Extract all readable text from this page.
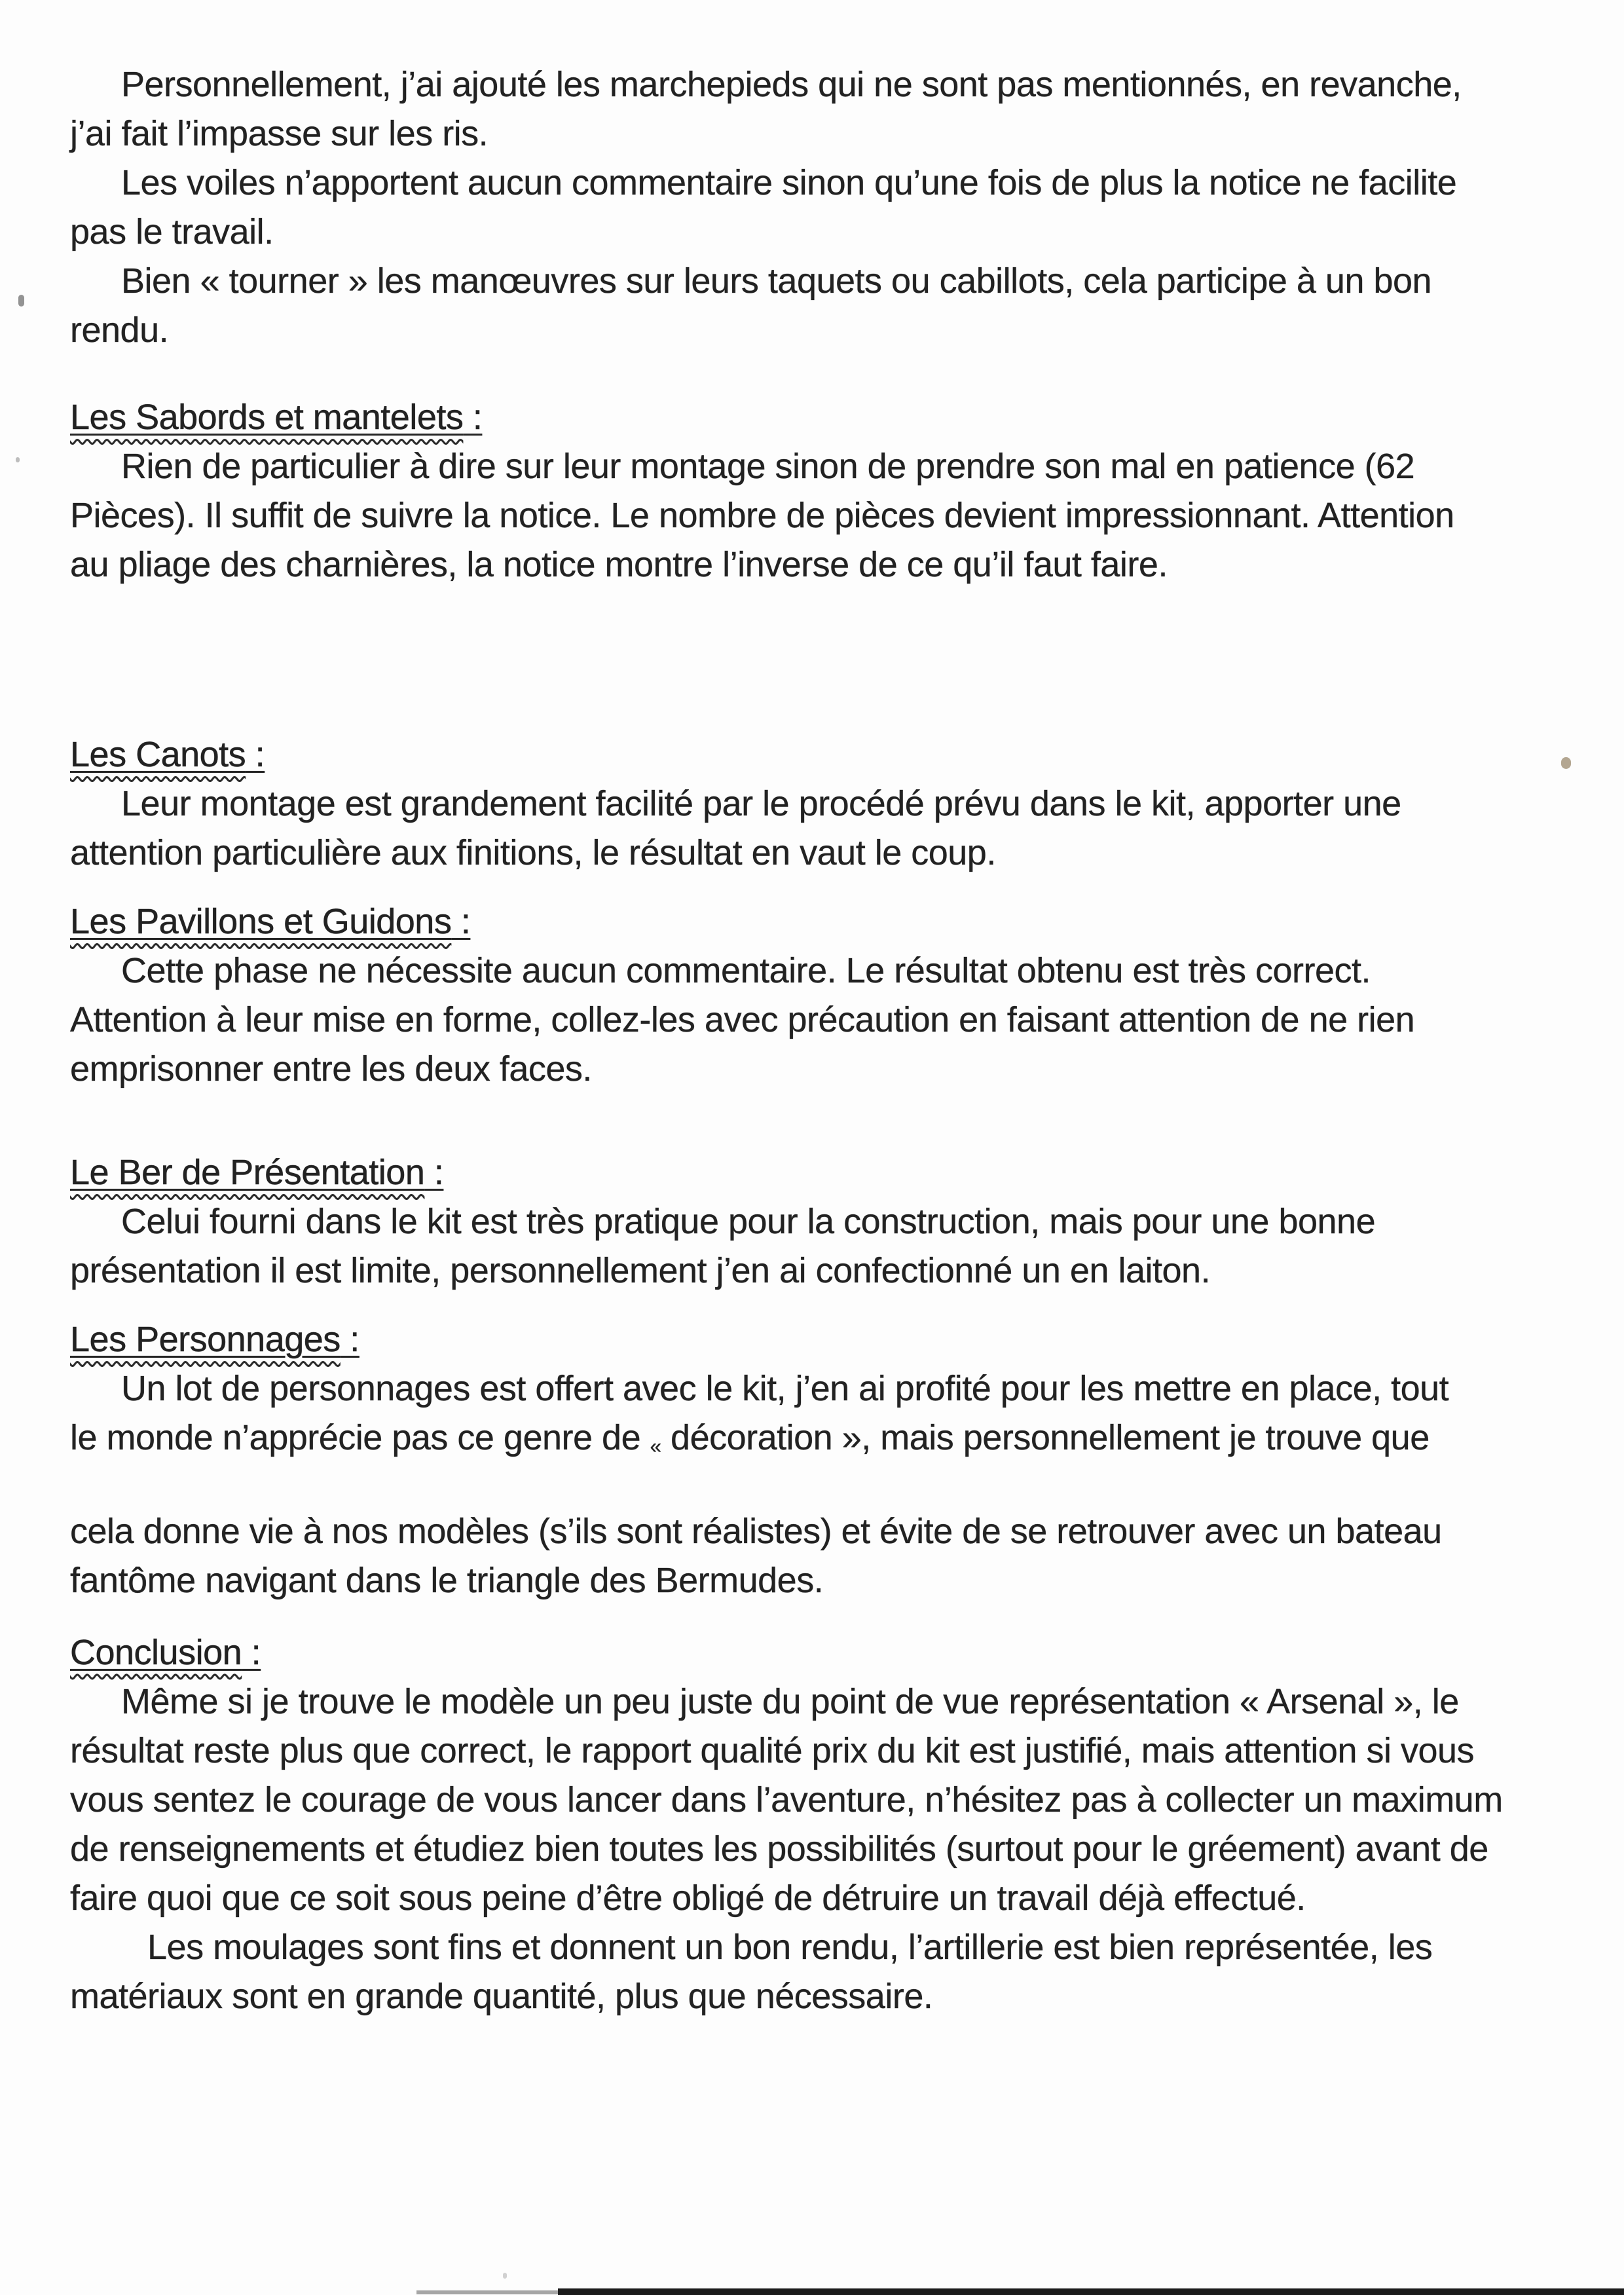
Personnellement, j’ai ajouté les marchepieds qui ne sont pas mentionnés, en revanche,
j’ai fait l’impasse sur les ris.
Les voiles n’apportent aucun commentaire sinon qu’une fois de plus la notice ne facilite
pas le travail.
Bien « tourner » les manœuvres sur leurs taquets ou cabillots, cela participe à un bon
rendu.
Les Sabords et mantelets :
Rien de particulier à dire sur leur montage sinon de prendre son mal en patience (62
Pièces). Il suffit de suivre la notice. Le nombre de pièces devient impressionnant. Attention
au pliage des charnières, la notice montre l’inverse de ce qu’il faut faire.
Les Canots :
Leur montage est grandement facilité par le procédé prévu dans le kit, apporter une
attention particulière aux finitions, le résultat en vaut le coup.
Les Pavillons et Guidons :
Cette phase ne nécessite aucun commentaire. Le résultat obtenu est très correct.
Attention à leur mise en forme, collez-les avec précaution en faisant attention de ne rien
emprisonner entre les deux faces.
Le Ber de Présentation :
Celui fourni dans le kit est très pratique pour la construction, mais pour une bonne
présentation il est limite, personnellement j’en ai confectionné un en laiton.
Les Personnages :
Un lot de personnages est offert avec le kit, j’en ai profité pour les mettre en place, tout
le monde n’apprécie pas ce genre de « décoration », mais personnellement je trouve que
cela donne vie à nos modèles (s’ils sont réalistes) et évite de se retrouver avec un bateau
fantôme navigant dans le triangle des Bermudes.
Conclusion :
Même si je trouve le modèle un peu juste du point de vue représentation « Arsenal », le
résultat reste plus que correct, le rapport qualité prix du kit est justifié, mais attention si vous
vous sentez le courage de vous lancer dans l’aventure, n’hésitez pas à collecter un maximum
de renseignements et étudiez bien toutes les possibilités (surtout pour le gréement) avant de
faire quoi que ce soit sous peine d’être obligé de détruire un travail déjà effectué.
Les moulages sont fins et donnent un bon rendu, l’artillerie est bien représentée, les
matériaux sont en grande quantité, plus que nécessaire.
